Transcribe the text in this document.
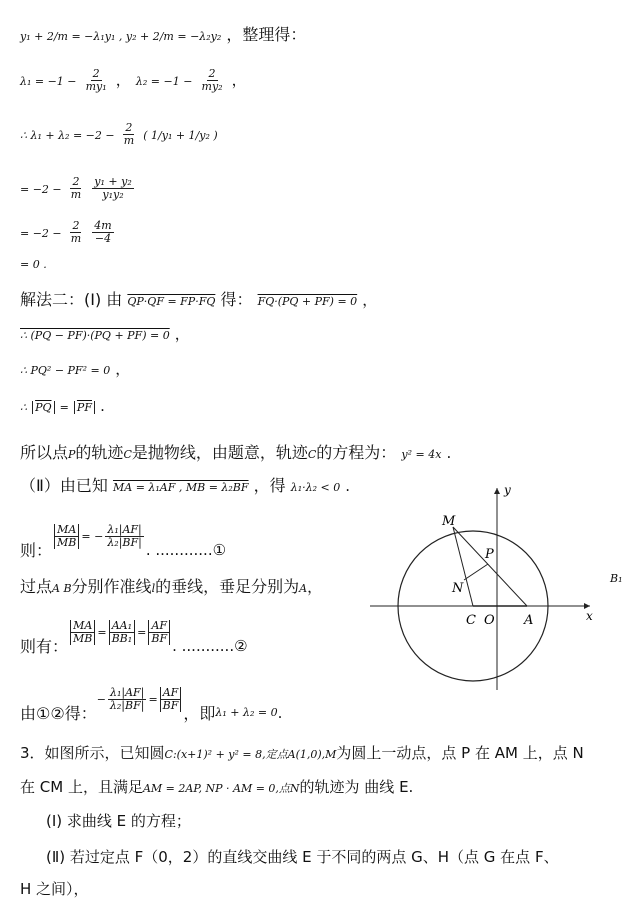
y₁ + 2/m = −λ₁y₁ , y₂ + 2/m = −λ₂y₂ ，整理得：
$\lambda_1 = -1 - \frac{2}{\text{my₁}}$ ， $\lambda_2 = -1 - \frac{2}{\text{my₂}}$ ，
∴ $\lambda_1 + \lambda_2 = -2 - \frac{2}{m}$ ( 1/y₁ + 1/y₂ )
= $-2 - \frac{2}{m}$
$\frac{\text{y₁ + y₂}}{\text{y₁y₂}}$
= $-2 - \frac{2}{m}$
$\frac{4m}{-4}$
= 0 .
解法二：(Ⅰ) 由 QP·QF = FP·FQ 得： FQ·(PQ + PF) = 0 ，
∴ (PQ − PF)·(PQ + PF) = 0 ，
∴ PQ² − PF² = 0 ，
∴ $\overline{PQ} = \overline{PF}$ .
所以点P的轨迹C是抛物线，由题意，轨迹C的方程为： y² = 4x .
（Ⅱ）由已知 MA = λ₁AF , MB = λ₂BF ，得 λ₁·λ₂ < 0 .
则：
$\frac{MA}{MB}$ = − $\frac{\text{λ₁|AF|}}{\text{λ₂|BF|}}$
. ............①
过点A B分别作准线l的垂线，垂足分别为A，	B₁
则有：
$\frac{MA}{MB} = \frac{\text{AA₁}}{\text{BB₁}} = \frac{AF}{BF}$
. ...........②
由①②得：
− $\frac{\text{λ₁|AF|}}{\text{λ₂|BF|}} = \frac{AF}{BF}$
，即 λ₁ + λ₂ = 0 .
3．如图所示，已知圆C:(x+1)² + y² = 8,定点A(1,0),M为圆上一动点，点 P 在 AM 上，点 N
在 CM 上，且满足AM = 2AP, NP · AM = 0,点N的轨迹为 曲线 E.
(Ⅰ) 求曲线 E 的方程；
(Ⅱ) 若过定点 F（0，2）的直线交曲线 E 于不同的两点 G、H（点 G 在点 F、
H 之间），
y
x
M
P
N
C O A
